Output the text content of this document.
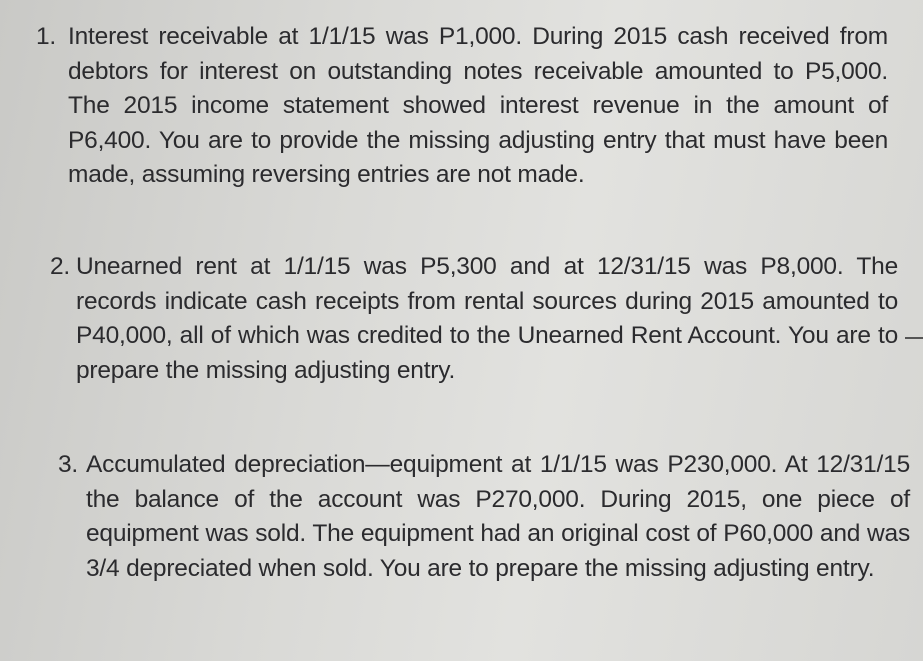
1. Interest receivable at 1/1/15 was P1,000. During 2015 cash received from debtors for interest on outstanding notes receivable amounted to P5,000. The 2015 income statement showed interest revenue in the amount of P6,400. You are to provide the missing adjusting entry that must have been made, assuming reversing entries are not made.
2. Unearned rent at 1/1/15 was P5,300 and at 12/31/15 was P8,000. The records indicate cash receipts from rental sources during 2015 amounted to P40,000, all of which was credited to the Unearned Rent Account. You are to prepare the missing adjusting entry.
3. Accumulated depreciation—equipment at 1/1/15 was P230,000. At 12/31/15 the balance of the account was P270,000. During 2015, one piece of equipment was sold. The equipment had an original cost of P60,000 and was 3/4 depreciated when sold. You are to prepare the missing adjusting entry.
